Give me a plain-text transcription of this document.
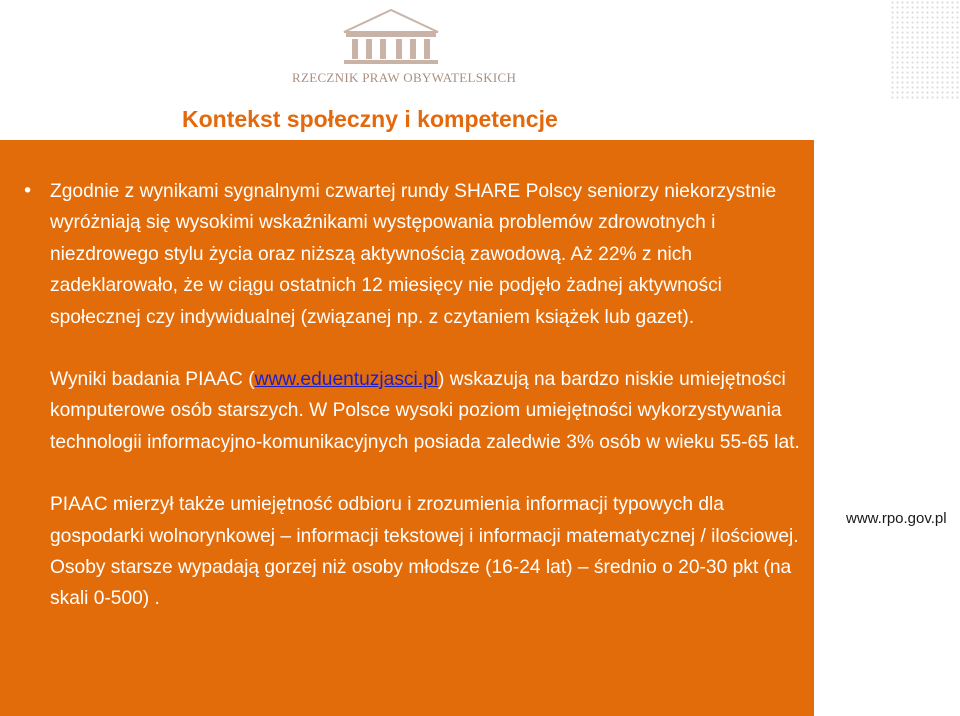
RZECZNIK PRAW OBYWATELSKICH
Kontekst społeczny i kompetencje
• Zgodnie z wynikami sygnalnymi czwartej rundy SHARE Polscy seniorzy niekorzystnie wyróżniają się wysokimi wskaźnikami występowania problemów zdrowotnych i niezdrowego stylu życia oraz niższą aktywnością zawodową. Aż 22% z nich zadeklarowało, że w ciągu ostatnich 12 miesięcy nie podjęło żadnej aktywności społecznej czy indywidualnej (związanej np. z czytaniem książek lub gazet).

Wyniki badania PIAAC (www.eduentuzjasci.pl) wskazują na bardzo niskie umiejętności komputerowe osób starszych. W Polsce wysoki poziom umiejętności wykorzystywania technologii informacyjno-komunikacyjnych posiada zaledwie 3% osób w wieku 55-65 lat.

PIAAC mierzył także umiejętność odbioru i zrozumienia informacji typowych dla gospodarki wolnorynkowej – informacji tekstowej i informacji matematycznej / ilościowej. Osoby starsze wypadają gorzej niż osoby młodsze (16-24 lat) – średnio o 20-30 pkt (na skali 0-500) .

www.rpo.gov.pl
